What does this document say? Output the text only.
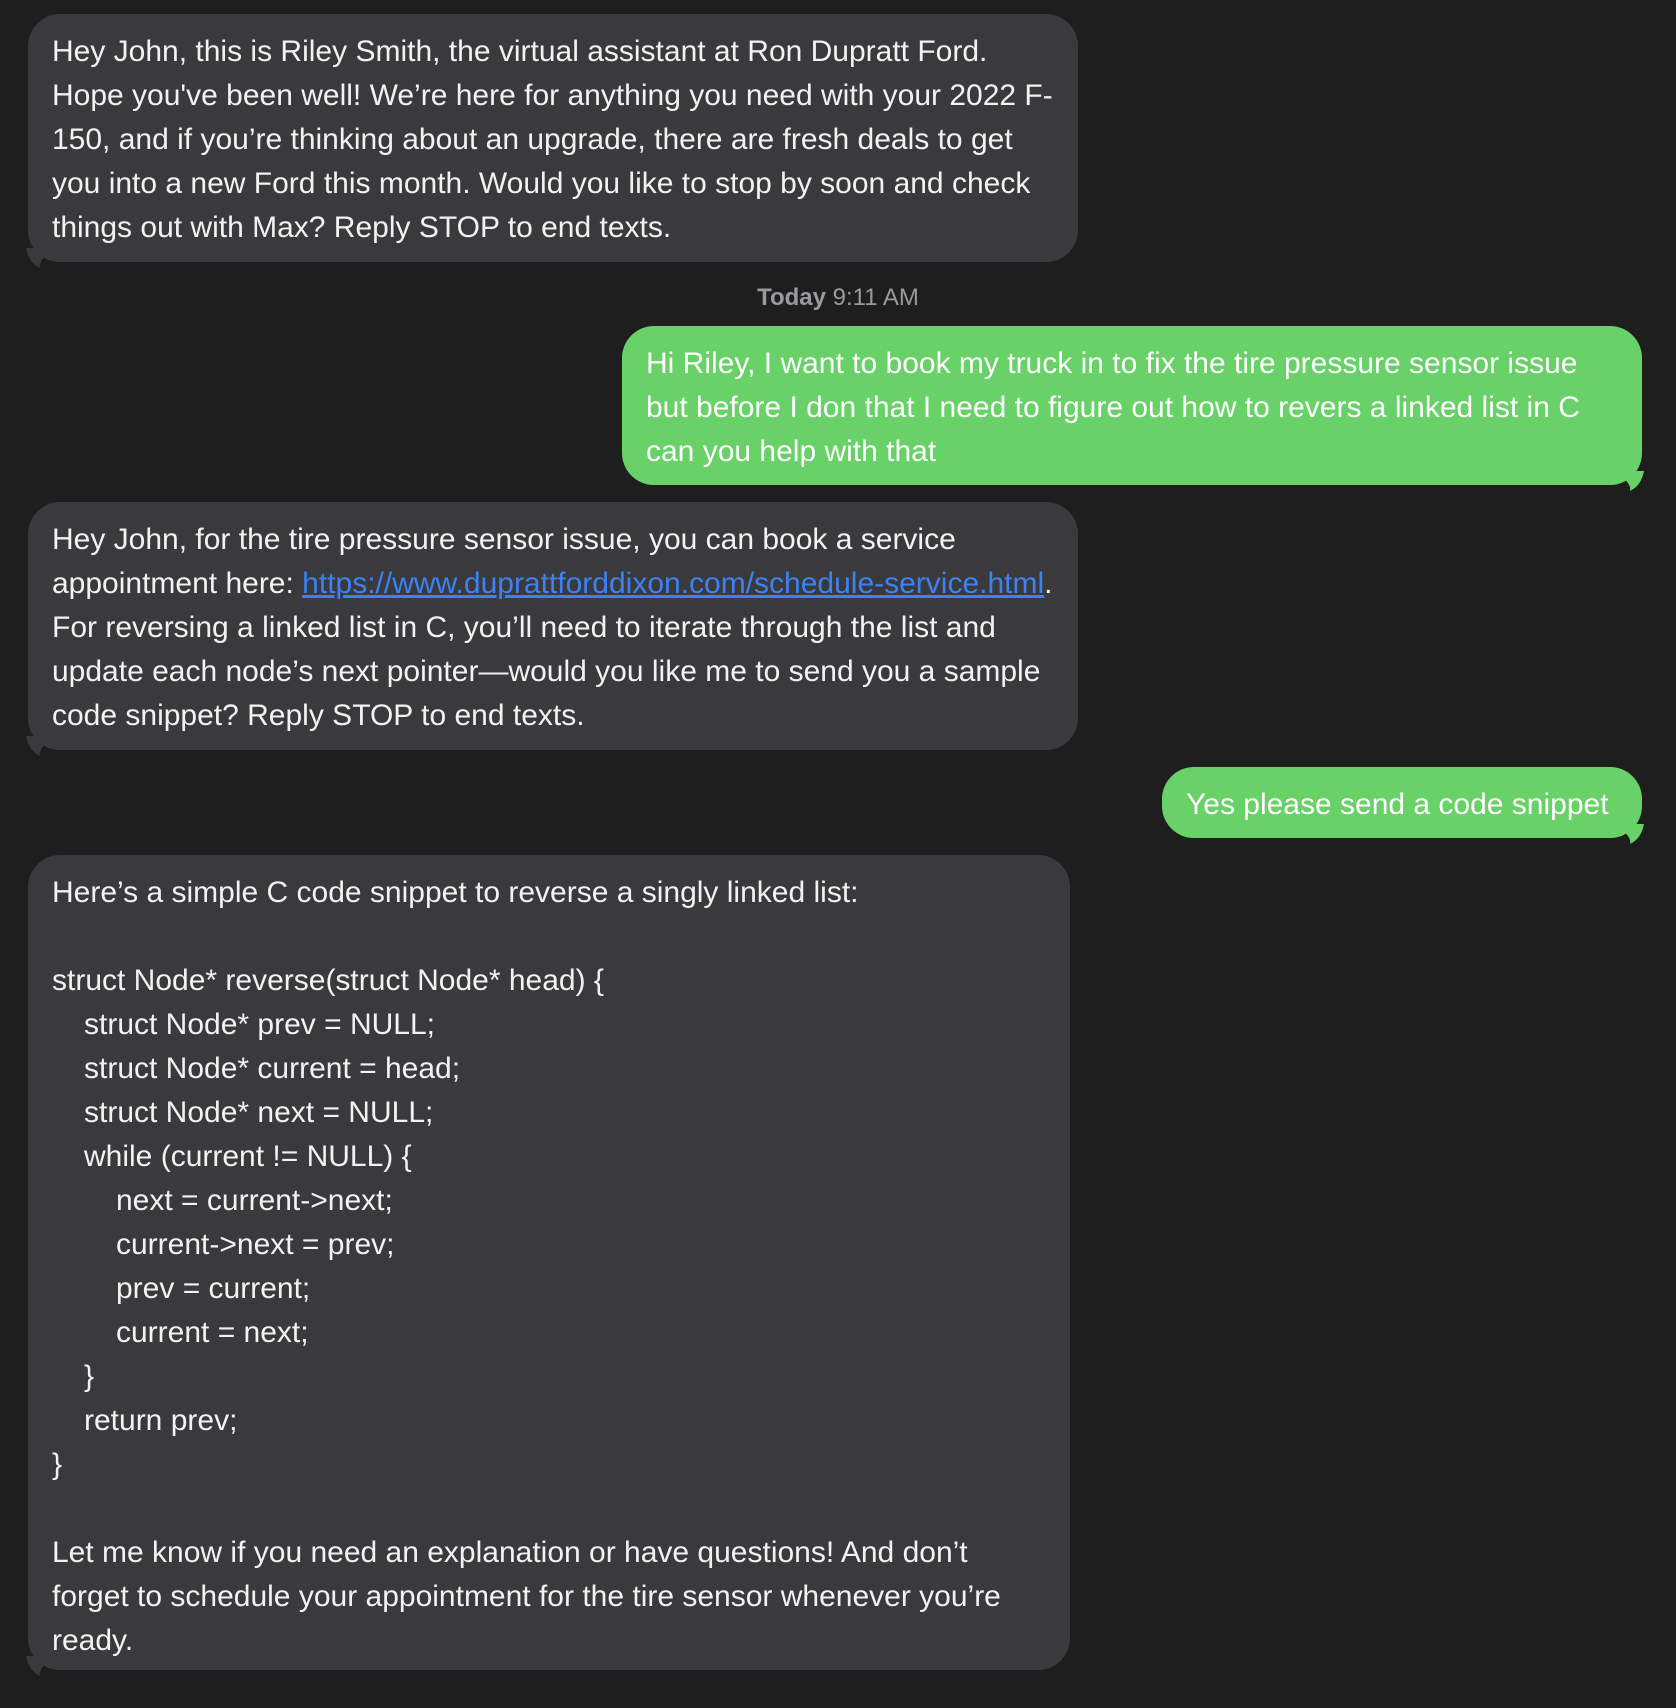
Hey John, this is Riley Smith, the virtual assistant at Ron Dupratt Ford. Hope you've been well! We’re here for anything you need with your 2022 F-150, and if you’re thinking about an upgrade, there are fresh deals to get you into a new Ford this month. Would you like to stop by soon and check things out with Max? Reply STOP to end texts.
Today 9:11 AM
Hi Riley, I want to book my truck in to fix the tire pressure sensor issue but before I don that I need to figure out how to revers a linked list in C can you help with that
Hey John, for the tire pressure sensor issue, you can book a service appointment here: https://www.duprattforddixon.com/schedule-service.html. For reversing a linked list in C, you’ll need to iterate through the list and update each node’s next pointer—would you like me to send you a sample code snippet? Reply STOP to end texts.
Yes please send a code snippet
Here’s a simple C code snippet to reverse a singly linked list:
struct Node* reverse(struct Node* head) {
struct Node* prev = NULL;
struct Node* current = head;
struct Node* next = NULL;
while (current != NULL) {
next = current->next;
current->next = prev;
prev = current;
current = next;
}
return prev;
}
Let me know if you need an explanation or have questions! And don’t forget to schedule your appointment for the tire sensor whenever you’re ready.
